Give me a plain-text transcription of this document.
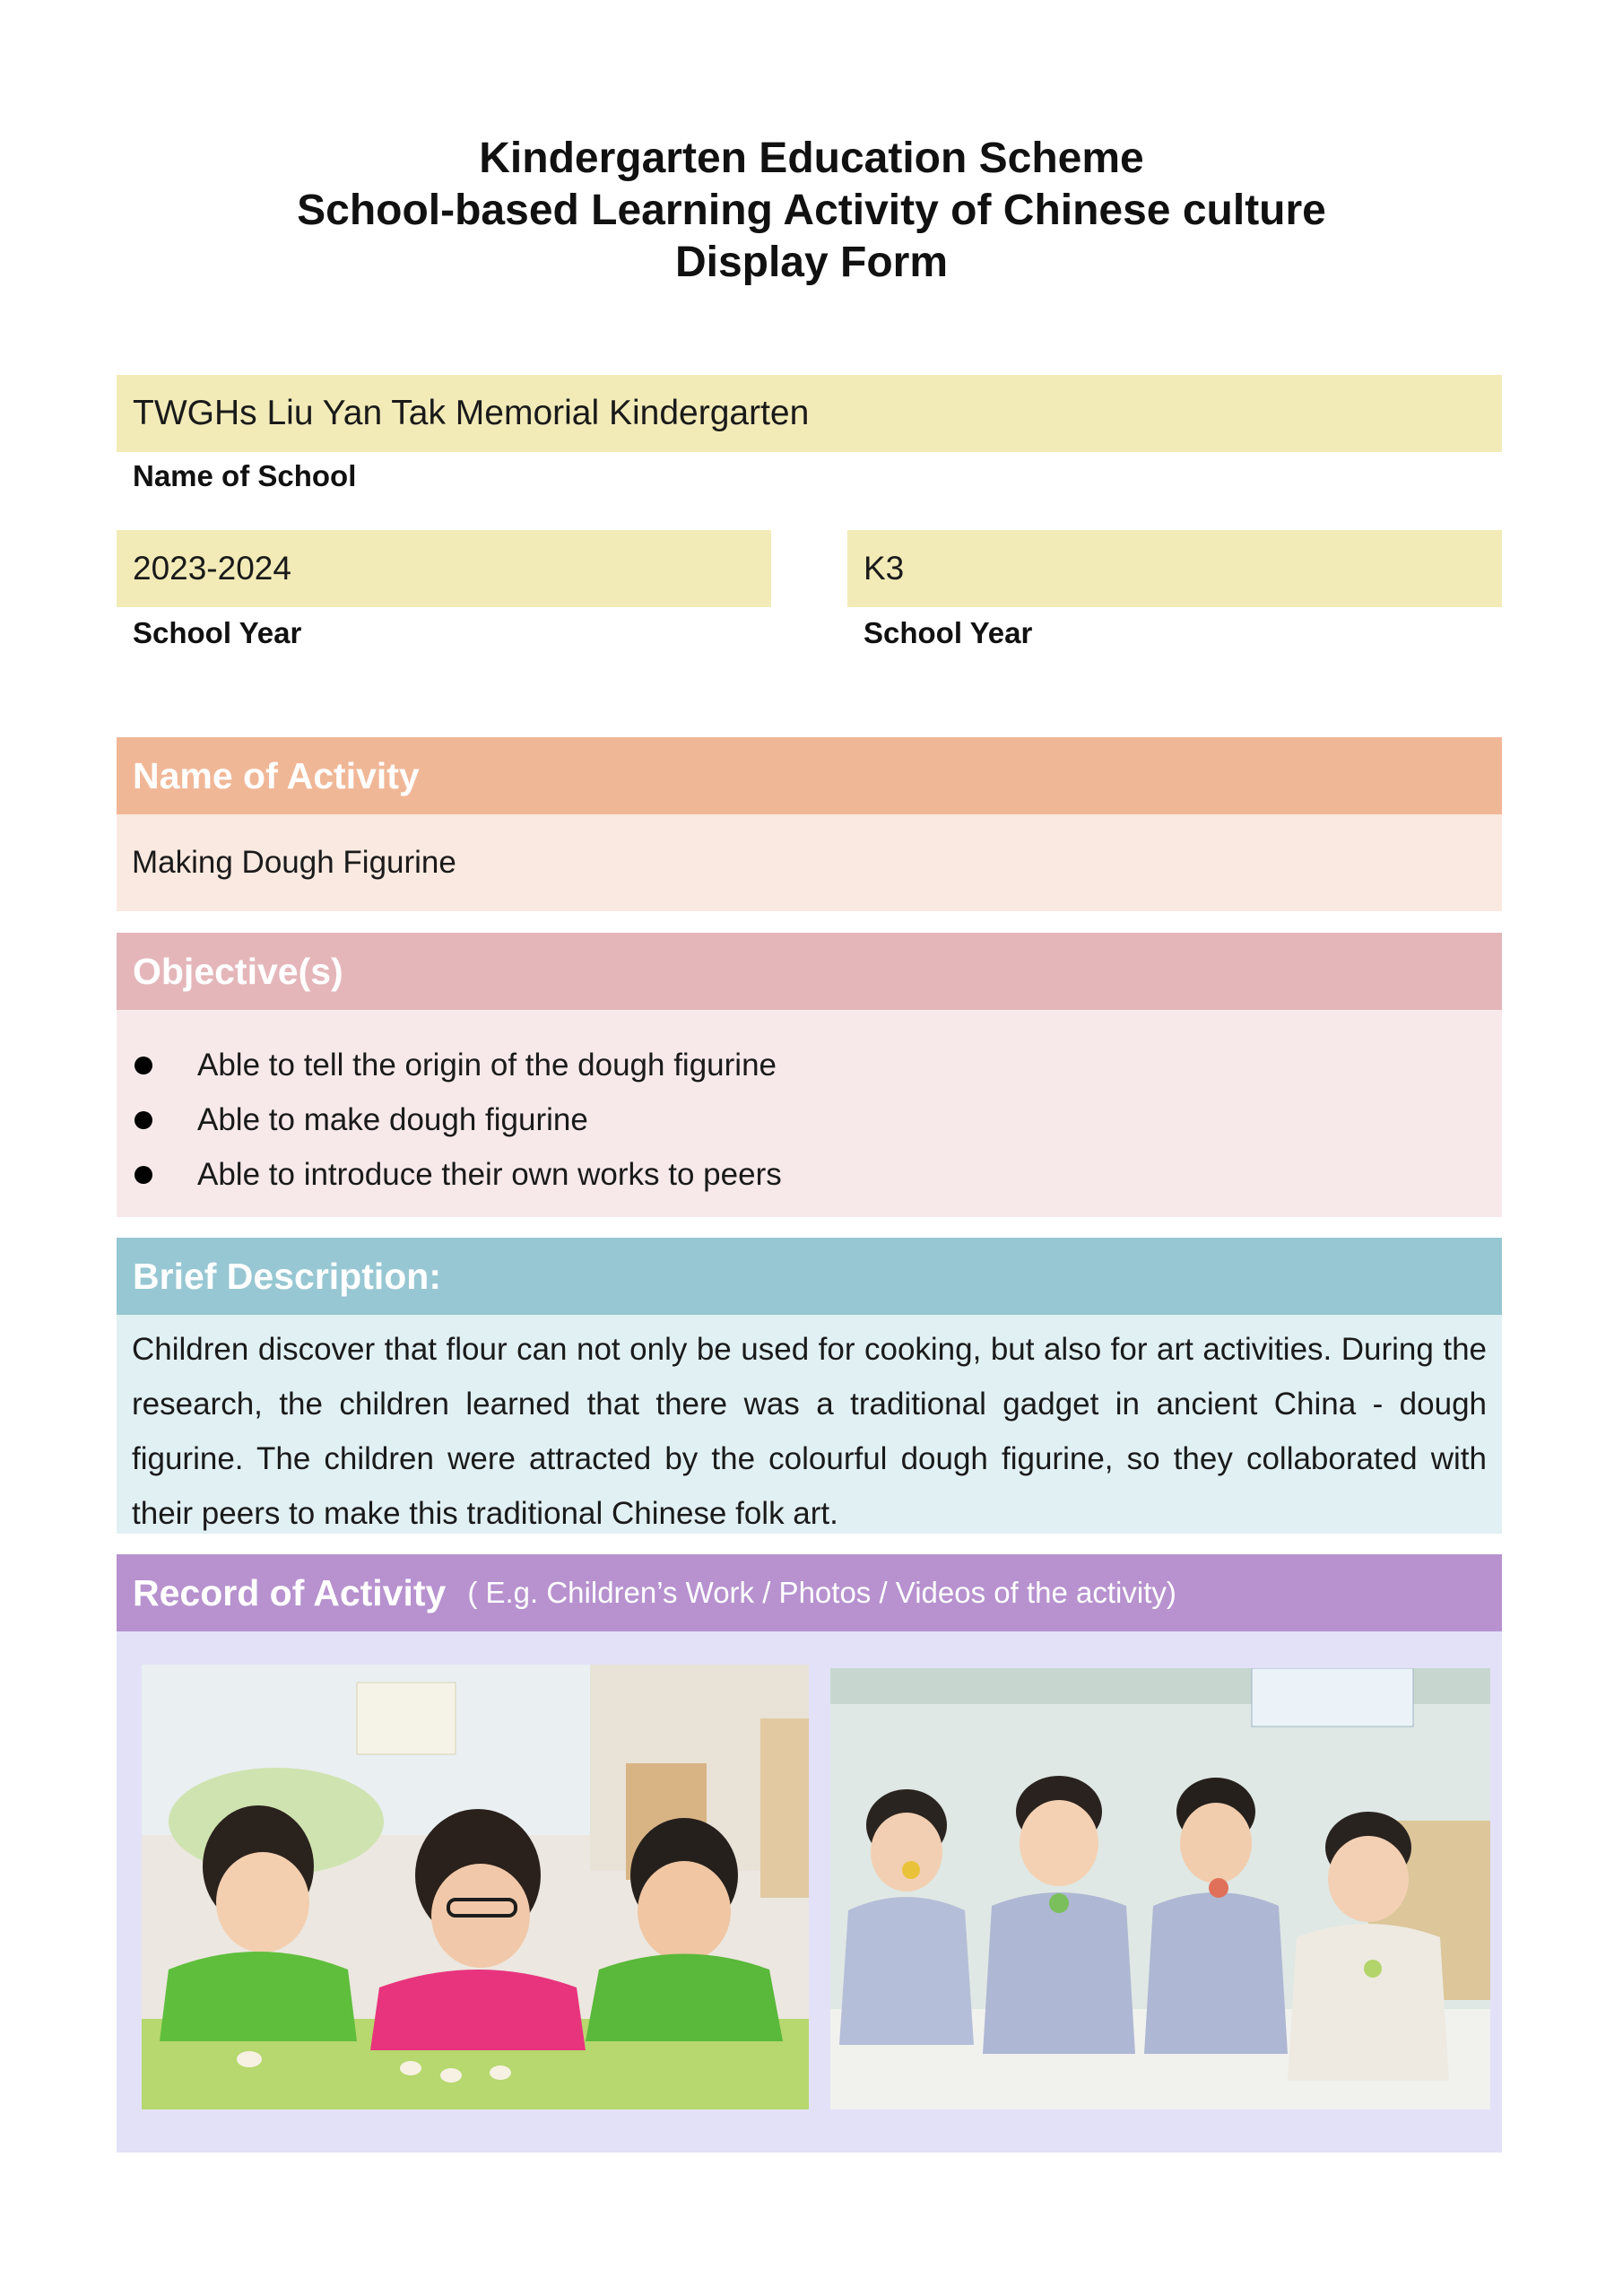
Kindergarten Education Scheme
School-based Learning Activity of Chinese culture
Display Form
TWGHs Liu Yan Tak Memorial Kindergarten
Name of School
2023-2024
School Year
K3
School Year
Name of Activity
Making Dough Figurine
Objective(s)
Able to tell the origin of the dough figurine
Able to make dough figurine
Able to introduce their own works to peers
Brief Description:
Children discover that flour can not only be used for cooking, but also for art activities. During the research, the children learned that there was a traditional gadget in ancient China - dough figurine. The children were attracted by the colourful dough figurine, so they collaborated with their peers to make this traditional Chinese folk art.
Record of Activity ( E.g. Children’s Work / Photos / Videos of the activity)
